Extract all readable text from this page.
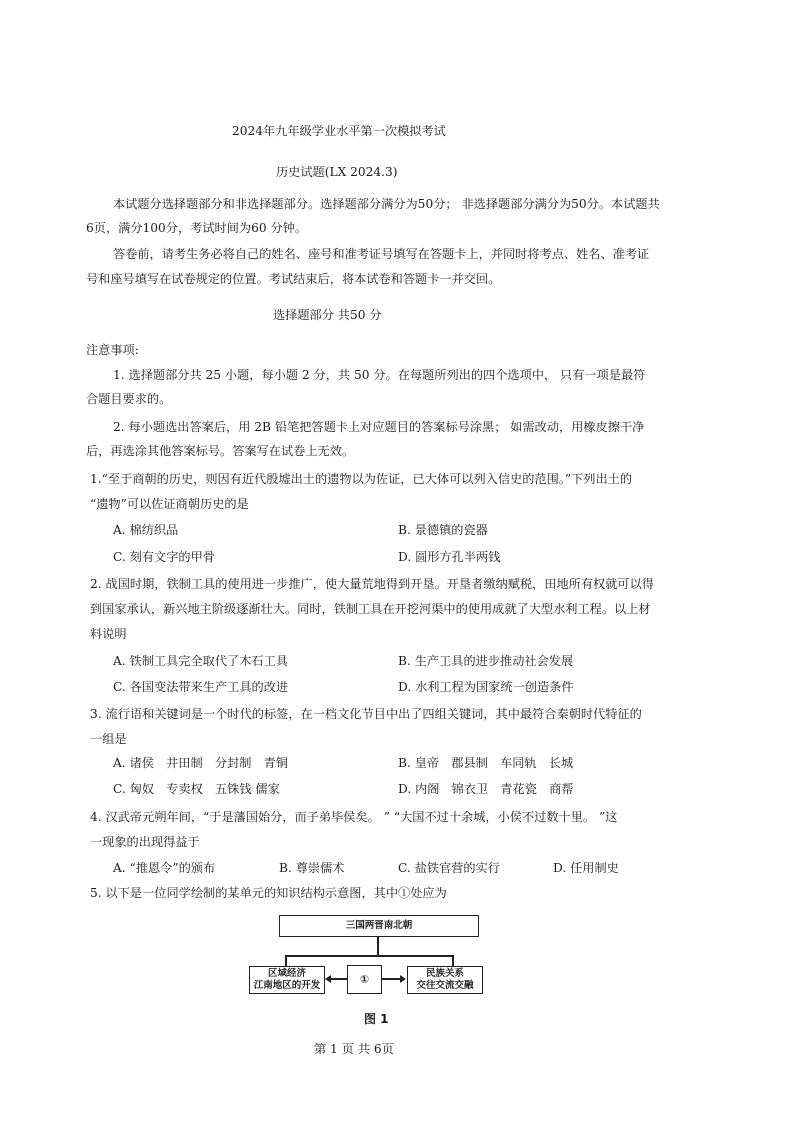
2024年九年级学业水平第一次模拟考试
历史试题(LX 2024.3)
本试题分选择题部分和非选择题部分。选择题部分满分为50分； 非选择题部分满分为50分。本试题共
6页，满分100分，考试时间为60 分钟。
答卷前，请考生务必将自己的姓名、座号和准考证号填写在答题卡上，并同时将考点、姓名、准考证
号和座号填写在试卷规定的位置。考试结束后，将本试卷和答题卡一并交回。
选择题部分 共50 分
注意事项:
1. 选择题部分共 25 小题，每小题 2 分，共 50 分。在每题所列出的四个选项中， 只有一项是最符
合题目要求的。
2. 每小题选出答案后，用 2B 铅笔把答题卡上对应题目的答案标号涂黑； 如需改动，用橡皮擦干净
后，再选涂其他答案标号。答案写在试卷上无效。
1.“至于商朝的历史，则因有近代殷墟出土的遗物以为佐证，已大体可以列入信史的范围。”下列出土的
“遗物”可以佐证商朝历史的是
A. 棉纺织品	B. 景德镇的瓷器
C. 刻有文字的甲骨	D. 圆形方孔半两钱
2. 战国时期，铁制工具的使用进一步推广，使大量荒地得到开垦。开垦者缴纳赋税，田地所有权就可以得
到国家承认，新兴地主阶级逐渐壮大。同时，铁制工具在开挖河渠中的使用成就了大型水利工程。以上材
料说明
A. 铁制工具完全取代了木石工具	B. 生产工具的进步推动社会发展
C. 各国变法带来生产工具的改进	D. 水利工程为国家统一创造条件
3. 流行语和关键词是一个时代的标签，在一档文化节目中出了四组关键词，其中最符合秦朝时代特征的
一组是
A. 诸侯　井田制　分封制　青铜	B. 皇帝　郡县制　车同轨　长城
C. 匈奴　专卖权　五铢钱 儒家	D. 内阁　锦衣卫　青花瓷　商帮
4. 汉武帝元朔年间，“于是藩国始分，而子弟毕侯矣。 ” “大国不过十余城，小侯不过数十里。 ”这
一现象的出现得益于
A. “推恩令”的颁布	B. 尊崇儒术	C. 盐铁官营的实行	D. 任用制史
5. 以下是一位同学绘制的某单元的知识结构示意图，其中①处应为
三国两晋南北朝
区域经济
江南地区的开发	①	民族关系
交往交流交融
图 1
第 1 页 共 6页
